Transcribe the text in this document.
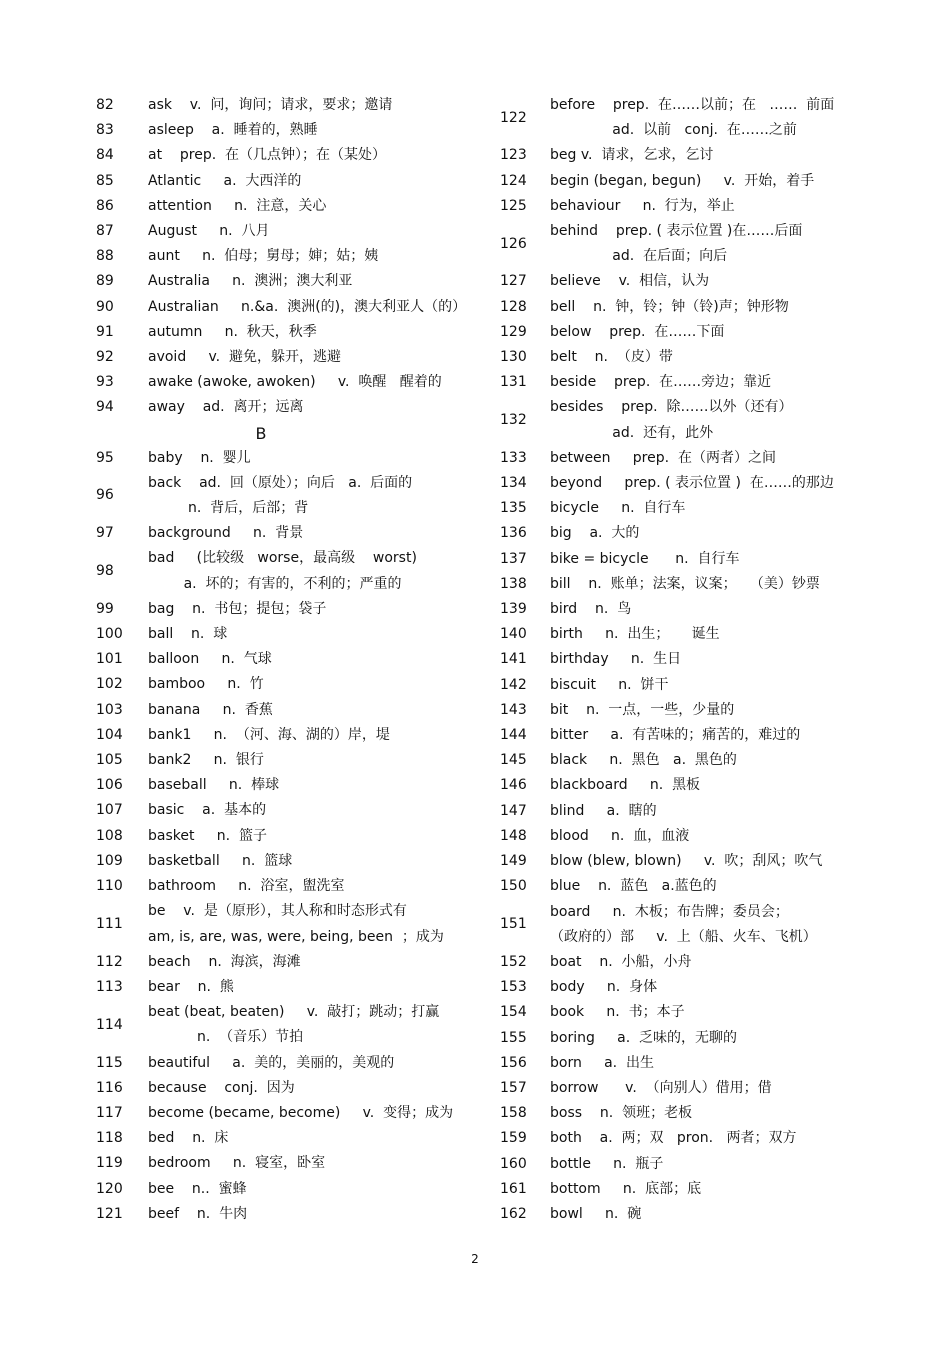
82	ask    v.  问，询问；请求，要求；邀请
83	asleep    a.  睡着的，熟睡
84	at    prep.  在（几点钟）；在（某处）
85	Atlantic     a.  大西洋的
86	attention     n.  注意，关心
87	August     n.  八月
88	aunt     n.  伯母；舅母；婶；姑；姨
89	Australia     n.  澳洲；澳大利亚
90	Australian     n.&a.  澳洲(的)，澳大利亚人（的）
91	autumn     n.  秋天，秋季
92	avoid     v.  避免，躲开，逃避
93	awake (awoke, awoken)     v.  唤醒   醒着的
94	away    ad.  离开；远离
B
95	baby    n.  婴儿
96
back    ad.  回（原处）；向后   a.  后面的
n.  背后，后部；背
97	background     n.  背景
98
bad     (比较级   worse，最高级    worst)
a.  坏的；有害的，不利的；严重的
99	bag    n.  书包；提包；袋子
100	ball    n.  球
101	balloon     n.  气球
102	bamboo     n.  竹
103	banana     n.  香蕉
104	bank1     n.  （河、海、湖的）岸，堤
105	bank2     n.  银行
106	baseball     n.  棒球
107	basic    a.  基本的
108	basket     n.  篮子
109	basketball     n.  篮球
110	bathroom     n.  浴室，盥洗室
111
be    v.  是（原形），其人称和时态形式有
am, is, are, was, were, being, been  ；成为
112	beach    n.  海滨，海滩
113	bear    n.  熊
114
beat (beat, beaten)     v.  敲打；跳动；打赢
n.  （音乐）节拍
115	beautiful     a.  美的，美丽的，美观的
116	because    conj.  因为
117	become (became, become)     v.  变得；成为
118	bed    n.  床
119	bedroom     n.  寝室，卧室
120	bee    n..  蜜蜂
121	beef    n.  牛肉
122
before    prep.  在……以前；在   ……  前面
ad.  以前   conj.  在……之前
123	beg v.  请求，乞求，乞讨
124	begin (began, begun)     v.  开始，着手
125	behaviour     n.  行为，举止
126
behind    prep. ( 表示位置 )在……后面
ad.  在后面；向后
127	believe    v.  相信，认为
128	bell    n.  钟，铃；钟（铃)声；钟形物
129	below    prep.  在……下面
130	belt    n.  （皮）带
131	beside    prep.  在……旁边；靠近
132
besides    prep.  除……以外（还有）
ad.  还有，此外
133	between     prep.  在（两者）之间
134	beyond     prep. ( 表示位置 )  在……的那边
135	bicycle     n.  自行车
136	big    a.  大的
137	bike = bicycle      n.  自行车
138	bill    n.  账单；法案，议案；   （美）钞票
139	bird    n.  鸟
140	birth     n.  出生；     诞生
141	birthday     n.  生日
142	biscuit     n.  饼干
143	bit    n.  一点，一些，少量的
144	bitter     a.  有苦味的；痛苦的，难过的
145	black     n.  黑色   a.  黑色的
146	blackboard     n.  黑板
147	blind     a.  瞎的
148	blood     n.  血，血液
149	blow (blew, blown)     v.  吹；刮风；吹气
150	blue    n.  蓝色   a.蓝色的
151
board     n.  木板；布告牌；委员会；
（政府的）部     v.  上（船、火车、飞机）
152	boat    n.  小船，小舟
153	body     n.  身体
154	book     n.  书；本子
155	boring     a.  乏味的，无聊的
156	born     a.  出生
157	borrow      v.  （向别人）借用；借
158	boss    n.  领班；老板
159	both    a.  两；双   pron.   两者；双方
160	bottle     n.  瓶子
161	bottom     n.  底部；底
162	bowl     n.  碗
2
